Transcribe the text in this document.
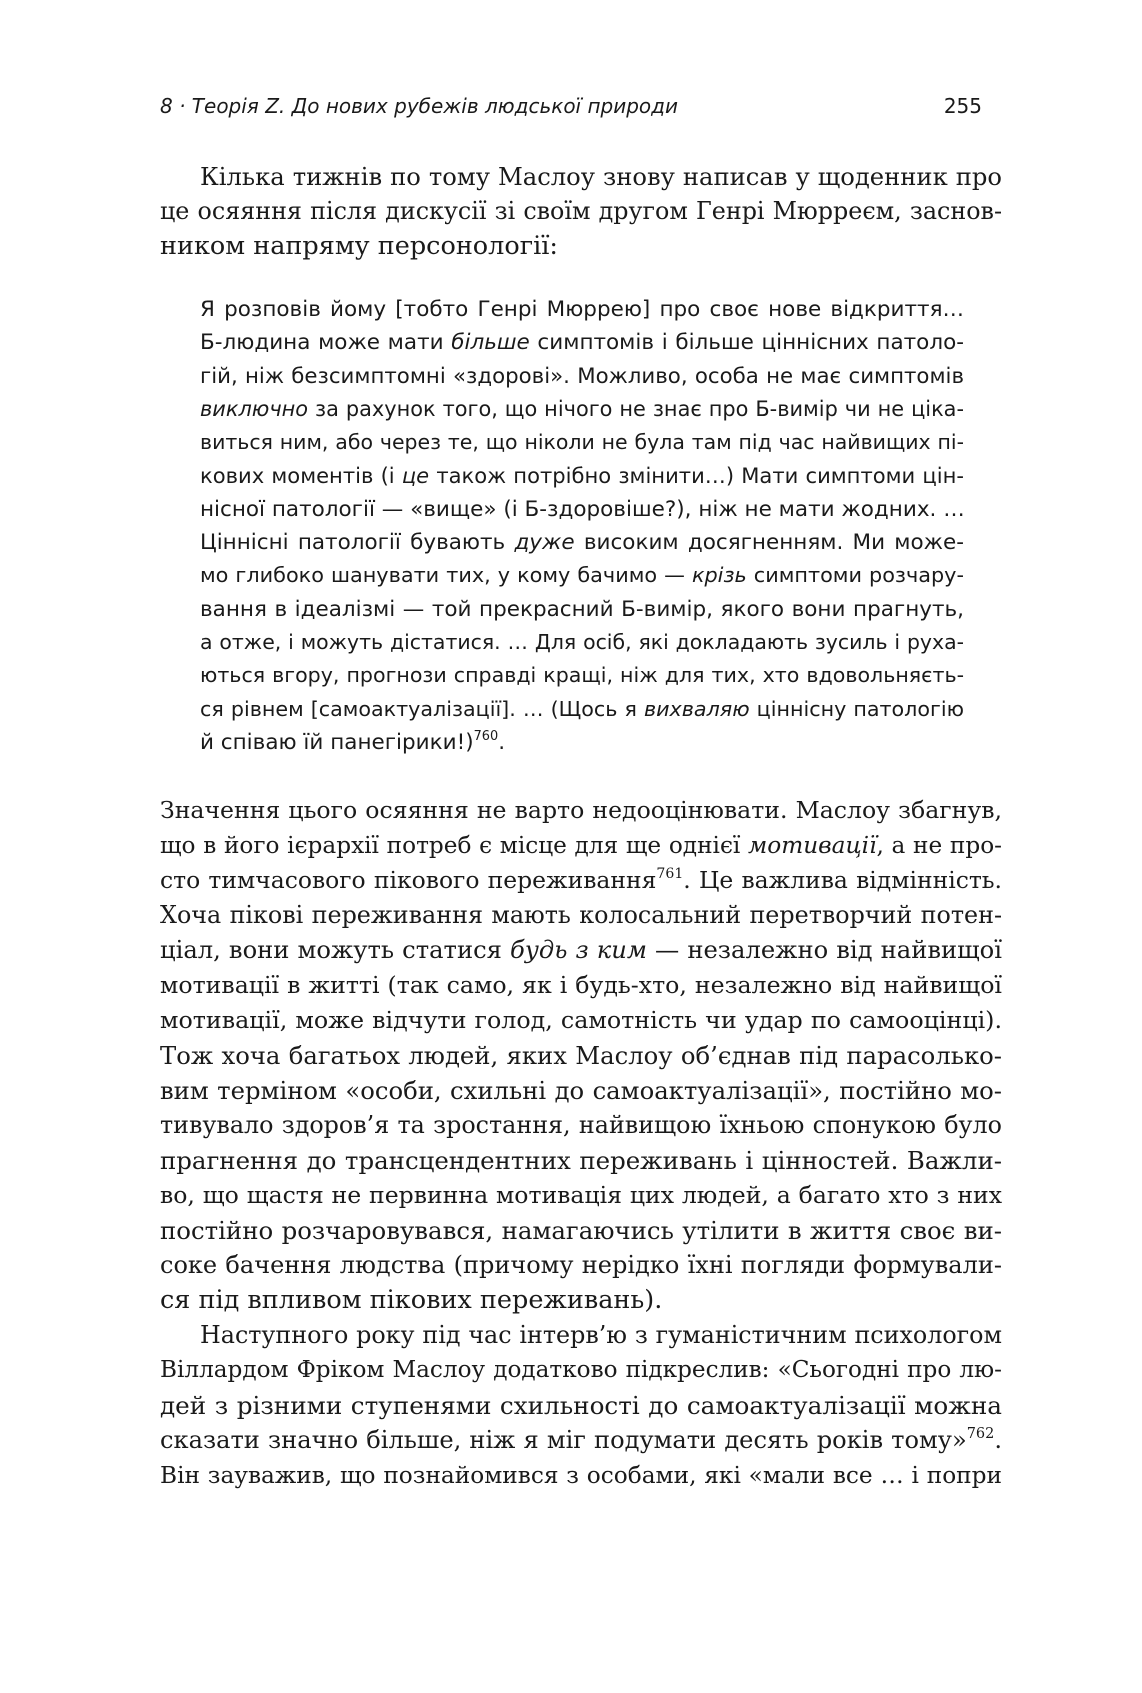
8 · Теорія Z. До нових рубежів людської природи	255
Кілька тижнів по тому Маслоу знову написав у щоденник про
це осяяння після дискусії зі своїм другом Генрі Мюрреєм, заснов-
ником напряму персонології:
Я розповів йому [тобто Генрі Мюррею] про своє нове відкриття…
Б-людина може мати більше симптомів і більше ціннісних патоло-
гій, ніж безсимптомні «здорові». Можливо, особа не має симптомів
виключно за рахунок того, що нічого не знає про Б-вимір чи не ціка-
виться ним, або через те, що ніколи не була там під час найвищих пі-
кових моментів (і це також потрібно змінити…) Мати симптоми цін-
нісної патології — «вище» (і Б-здоровіше?), ніж не мати жодних. …
Ціннісні патології бувають дуже високим досягненням. Ми може-
мо глибоко шанувати тих, у кому бачимо — крізь симптоми розчару-
вання в ідеалізмі — той прекрасний Б-вимір, якого вони прагнуть,
а отже, і можуть дістатися. … Для осіб, які докладають зусиль і руха-
ються вгору, прогнози справді кращі, ніж для тих, хто вдовольняєть-
ся рівнем [самоактуалізації]. … (Щось я вихваляю ціннісну патологію
й співаю їй панегірики!)$^{760}$.
Значення цього осяяння не варто недооцінювати. Маслоу збагнув,
що в його ієрархії потреб є місце для ще однієї мотивації, а не про-
сто тимчасового пікового переживання$^{761}$. Це важлива відмінність.
Хоча пікові переживання мають колосальний перетворчий потен-
ціал, вони можуть статися будь з ким — незалежно від найвищої
мотивації в житті (так само, як і будь-хто, незалежно від найвищої
мотивації, може відчути голод, самотність чи удар по самооцінці).
Тож хоча багатьох людей, яких Маслоу об’єднав під парасолько-
вим терміном «особи, схильні до самоактуалізації», постійно мо-
тивувало здоров’я та зростання, найвищою їхньою спонукою було
прагнення до трансцендентних переживань і цінностей. Важли-
во, що щастя не первинна мотивація цих людей, а багато хто з них
постійно розчаровувався, намагаючись утілити в життя своє ви-
соке бачення людства (причому нерідко їхні погляди формували-
ся під впливом пікових переживань).
Наступного року під час інтерв’ю з гуманістичним психологом
Віллардом Фріком Маслоу додатково підкреслив: «Сьогодні про лю-
дей з різними ступенями схильності до самоактуалізації можна
сказати значно більше, ніж я міг подумати десять років тому»$^{762}$.
Він зауважив, що познайомився з особами, які «мали все … і попри
